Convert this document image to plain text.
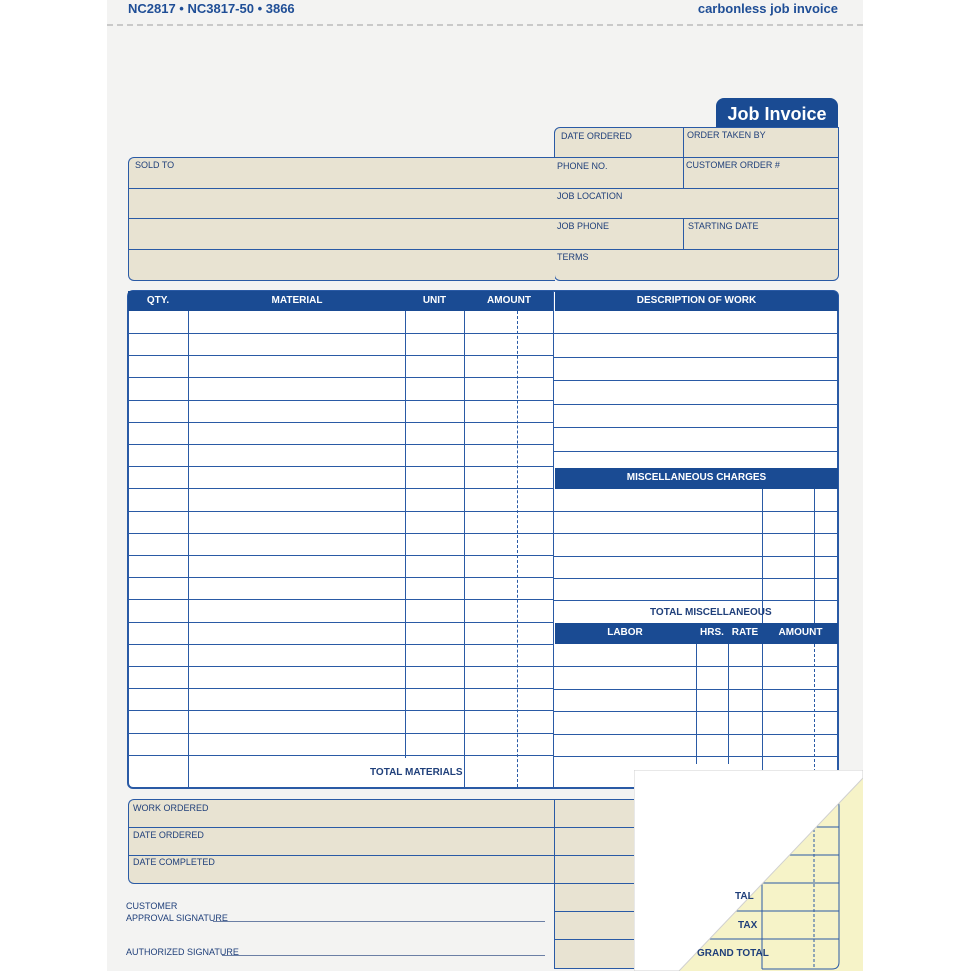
NC2817 • NC3817-50 • 3866	carbonless job invoice
Job Invoice
DATE ORDERED	ORDER TAKEN BY
PHONE NO.	CUSTOMER ORDER #
JOB LOCATION
JOB PHONE	STARTING DATE
TERMS
SOLD TO
QTY.	MATERIAL	UNIT	AMOUNT	DESCRIPTION OF WORK
TOTAL MATERIALS
MISCELLANEOUS CHARGES
TOTAL MISCELLANEOUS
LABOR	HRS. RATE	AMOUNT
WORK ORDERED
DATE ORDERED
DATE COMPLETED
CUSTOMER
APPROVAL SIGNATURE
AUTHORIZED SIGNATURE
TAL
TAX
GRAND TOTAL
